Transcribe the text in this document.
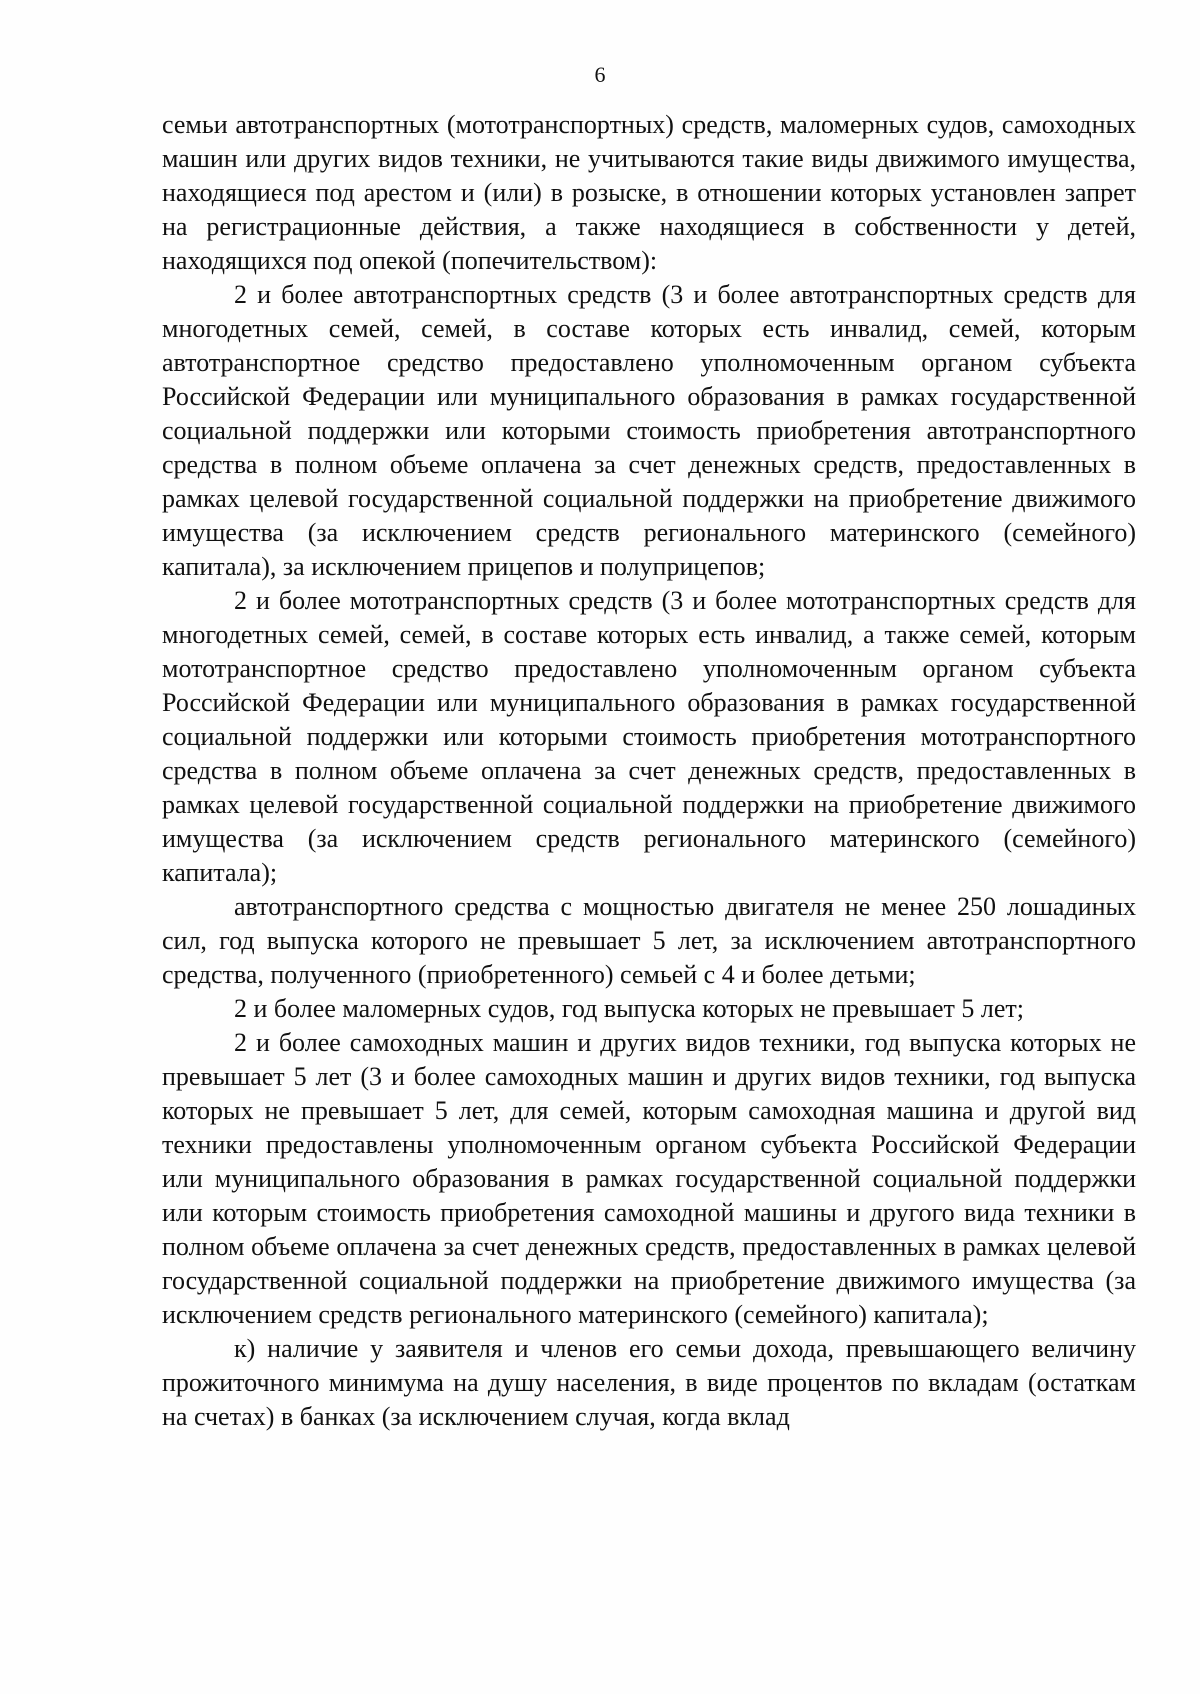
6

семьи автотранспортных (мототранспортных) средств, маломерных судов, самоходных машин или других видов техники, не учитываются такие виды движимого имущества, находящиеся под арестом и (или) в розыске, в отношении которых установлен запрет на регистрационные действия, а также находящиеся в собственности у детей, находящихся под опекой (попечительством):

2 и более автотранспортных средств (3 и более автотранспортных средств для многодетных семей, семей, в составе которых есть инвалид, семей, которым автотранспортное средство предоставлено уполномоченным органом субъекта Российской Федерации или муниципального образования в рамках государственной социальной поддержки или которыми стоимость приобретения автотранспортного средства в полном объеме оплачена за счет денежных средств, предоставленных в рамках целевой государственной социальной поддержки на приобретение движимого имущества (за исключением средств регионального материнского (семейного) капитала), за исключением прицепов и полуприцепов;

2 и более мототранспортных средств (3 и более мототранспортных средств для многодетных семей, семей, в составе которых есть инвалид, а также семей, которым мототранспортное средство предоставлено уполномоченным органом субъекта Российской Федерации или муниципального образования в рамках государственной социальной поддержки или которыми стоимость приобретения мототранспортного средства в полном объеме оплачена за счет денежных средств, предоставленных в рамках целевой государственной социальной поддержки на приобретение движимого имущества (за исключением средств регионального материнского (семейного) капитала);

автотранспортного средства с мощностью двигателя не менее 250 лошадиных сил, год выпуска которого не превышает 5 лет, за исключением автотранспортного средства, полученного (приобретенного) семьей с 4 и более детьми;

2 и более маломерных судов, год выпуска которых не превышает 5 лет;

2 и более самоходных машин и других видов техники, год выпуска которых не превышает 5 лет (3 и более самоходных машин и других видов техники, год выпуска которых не превышает 5 лет, для семей, которым самоходная машина и другой вид техники предоставлены уполномоченным органом субъекта Российской Федерации или муниципального образования в рамках государственной социальной поддержки или которым стоимость приобретения самоходной машины и другого вида техники в полном объеме оплачена за счет денежных средств, предоставленных в рамках целевой государственной социальной поддержки на приобретение движимого имущества (за исключением средств регионального материнского (семейного) капитала);

к) наличие у заявителя и членов его семьи дохода, превышающего величину прожиточного минимума на душу населения, в виде процентов по вкладам (остаткам на счетах) в банках (за исключением случая, когда вклад
